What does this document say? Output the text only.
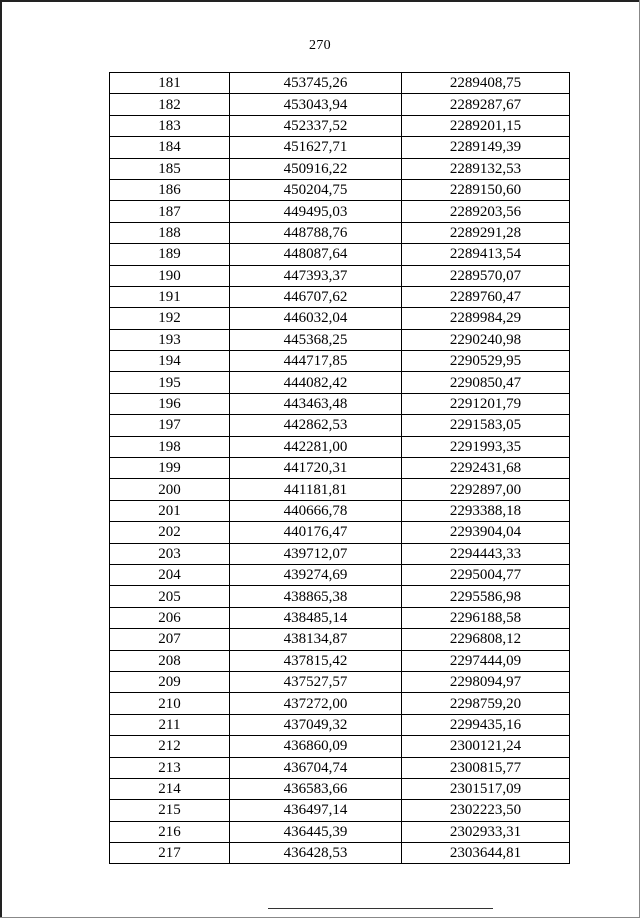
270
181	453745,26	2289408,75
182	453043,94	2289287,67
183	452337,52	2289201,15
184	451627,71	2289149,39
185	450916,22	2289132,53
186	450204,75	2289150,60
187	449495,03	2289203,56
188	448788,76	2289291,28
189	448087,64	2289413,54
190	447393,37	2289570,07
191	446707,62	2289760,47
192	446032,04	2289984,29
193	445368,25	2290240,98
194	444717,85	2290529,95
195	444082,42	2290850,47
196	443463,48	2291201,79
197	442862,53	2291583,05
198	442281,00	2291993,35
199	441720,31	2292431,68
200	441181,81	2292897,00
201	440666,78	2293388,18
202	440176,47	2293904,04
203	439712,07	2294443,33
204	439274,69	2295004,77
205	438865,38	2295586,98
206	438485,14	2296188,58
207	438134,87	2296808,12
208	437815,42	2297444,09
209	437527,57	2298094,97
210	437272,00	2298759,20
211	437049,32	2299435,16
212	436860,09	2300121,24
213	436704,74	2300815,77
214	436583,66	2301517,09
215	436497,14	2302223,50
216	436445,39	2302933,31
217	436428,53	2303644,81
